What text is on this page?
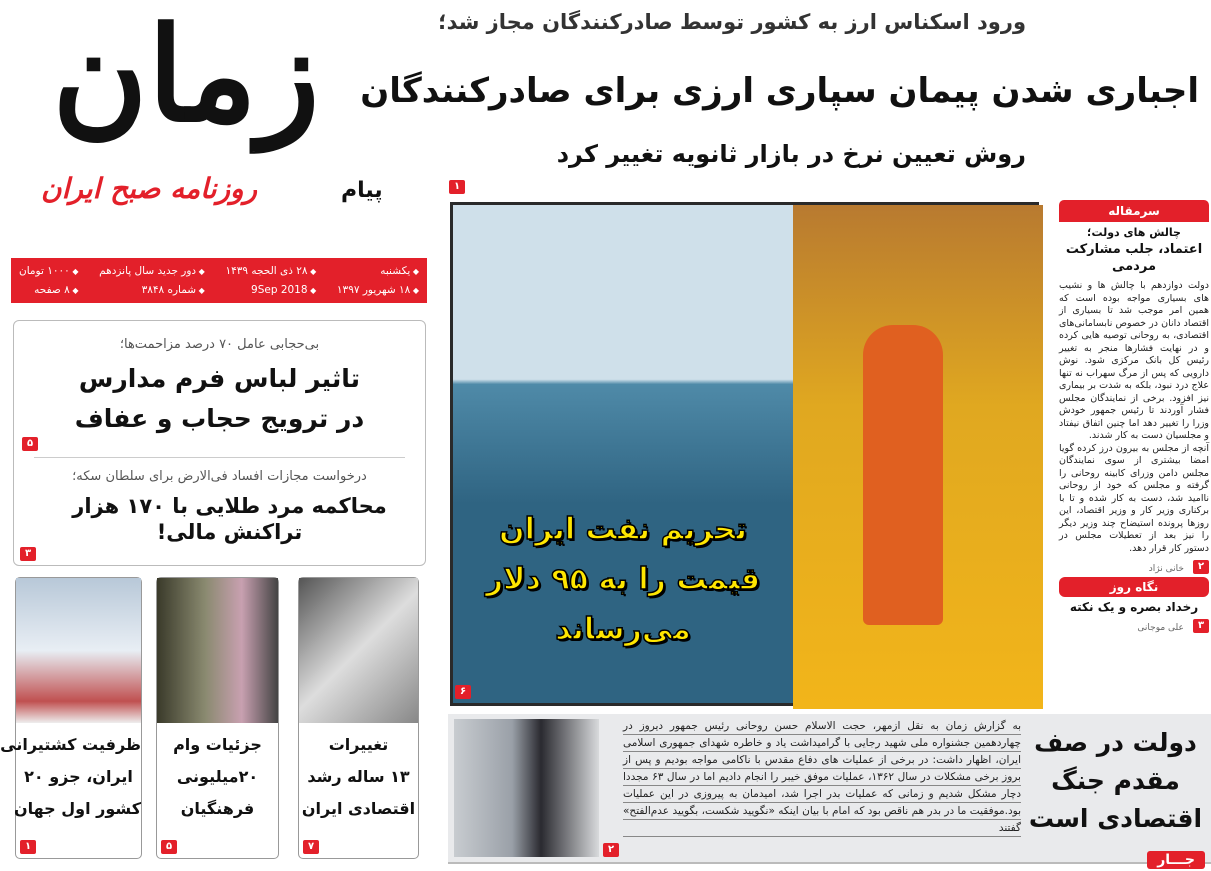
زمان
پیام
روزنامه صبح ایران
◆ یکشنبه
◆ ۲۸ ذی الحجه ۱۴۳۹
◆ دور جدید سال پانزدهم
◆ ۱۰۰۰ تومان
◆ ۱۸ شهریور ۱۳۹۷
◆ 9Sep 2018
◆ شماره ۳۸۴۸
◆ ۸ صفحه
بی‌حجابی عامل ۷۰ درصد مزاحمت‌ها؛
تاثیر لباس فرم مدارس
در ترویج حجاب و عفاف
۵
درخواست مجازات افساد فی‌الارض برای سلطان سکه؛
محاکمه مرد طلایی با ۱۷۰ هزار تراکنش مالی!
۳
تغییرات
۱۳ ساله رشد
اقتصادی ایران
۷
جزئیات وام
۲۰میلیونی
فرهنگیان
۵
ظرفیت کشتیرانی
ایران، جزو ۲۰
کشور اول جهان
۱
ورود اسکناس ارز به کشور توسط صادرکنندگان مجاز شد؛
اجباری شدن پیمان سپاری ارزی برای صادرکنندگان
روش تعیین نرخ در بازار ثانویه تغییر کرد
۱
تحریم نفت ایران
قیمت را به ۹۵ دلار
می‌رساند
۶
سرمقاله
چالش های دولت؛
اعتماد، جلب مشارکت مردمی
دولت دوازدهم با چالش ها و نشیب های بسیاری مواجه بوده است که همین امر موجب شد تا بسیاری از اقتصاد دانان در خصوص نابسامانی‌های اقتصادی، به روحانی توصیه هایی کرده و در نهایت فشارها منجر به تغییر رئیس کل بانک مرکزی شود. نوش دارویی که پس از مرگ سهراب نه تنها علاج درد نبود، بلکه به شدت بر بیماری نیز افزود. برخی از نمایندگان مجلس فشار آوردند تا رئیس جمهور خودش وزرا را تغییر دهد اما چنین اتفاق نیفتاد و مجلسیان دست به کار شدند.
آنچه از مجلس به بیرون درز کرده گویا امضا بیشتری از سوی نمایندگان مجلس دامن وزرای کابینه روحانی را گرفته و مجلس که خود از روحانی ناامید شد، دست به کار شده و تا با برکناری وزیر کار و وزیر اقتصاد، این روزها پرونده استیضاح چند وزیر دیگر را نیز بعد از تعطیلات مجلس در دستور کار قرار دهد.
۲ خانی نژاد
نگاه روز
رخداد بصره و یک نکته
۳ علی موجانی
۲
به گزارش زمان به نقل ازمهر، حجت الاسلام حسن روحانی رئیس جمهور دیروزدر چهاردهمین جشنواره ملی شهید رجایی با گرامیداشت یاد و خاطره شهدایجمهوری اسلامی ایران، اظهار داشت: در برخی از عملیات های دفاع مقدس باناکامی مواجه بودیم و پس از بروز برخی مشکلات در سال ۱۳۶۲، عملیات موفقخیبر را انجام دادیم اما در سال ۶۳ مجددا دچار مشکل شدیم و زمانی که عملیاتبدر اجرا شد، امیدمان به پیروزی در این عملیات بود.موفقیت ما در بدر هم ناقصبود که امام با بیان اینکه «نگویید شکست، بگویید عدم‌الفتح» گفتند
دولت در صف
مقدم جنگ
اقتصادی است
جـــار
